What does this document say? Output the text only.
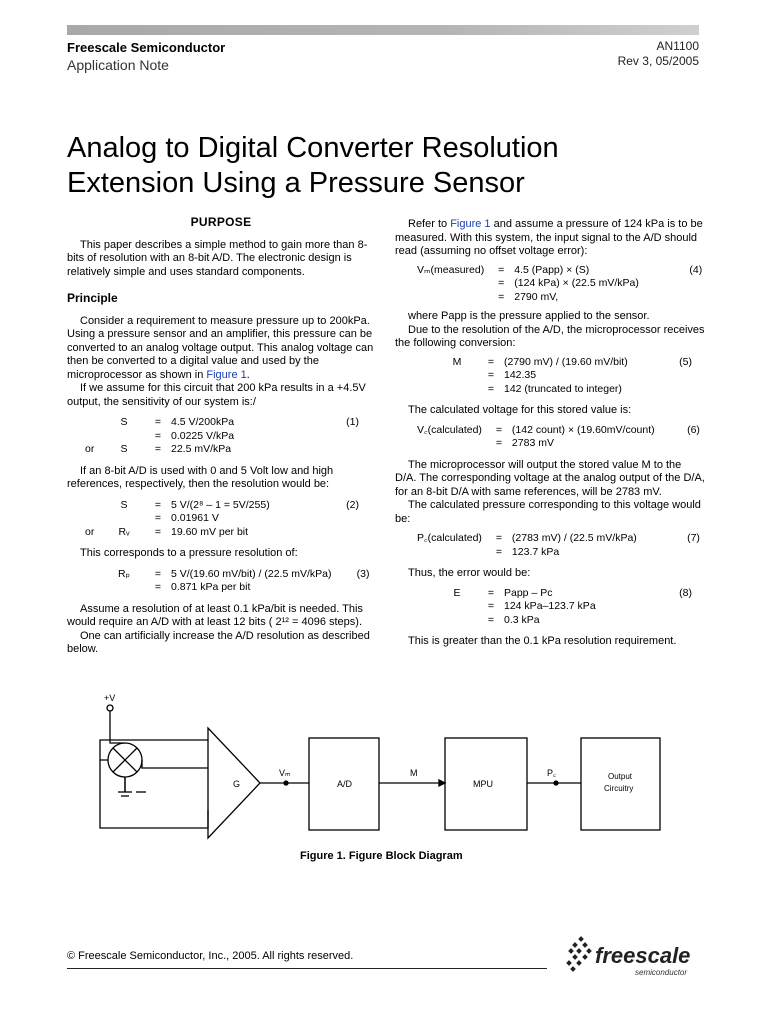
Freescale Semiconductor
Application Note
AN1100
Rev 3, 05/2005
Analog to Digital Converter Resolution
Extension Using a Pressure Sensor

PURPOSE

This paper describes a simple method to gain more than 8-bits of resolution with an 8-bit A/D. The electronic design is relatively simple and uses standard components.

Principle

Consider a requirement to measure pressure up to 200kPa. Using a pressure sensor and an amplifier, this pressure can be converted to an analog voltage output. This analog voltage can then be converted to a digital value and used by the microprocessor as shown in Figure 1.

If we assume for this circuit that 200 kPa results in a +4.5V output, the sensitivity of our system is:/

	S	=	4.5 V/200kPa	(1)
		=	0.0225 V/kPa	
or	S	=	22.5 mV/kPa	

If an 8-bit A/D is used with 0 and 5 Volt low and high references, respectively, then the resolution would be:

	S	=	5 V/(2⁸ – 1 = 5V/255)	(2)
		=	0.01961 V	
or	Rᵥ	=	19.60 mV per bit	

This corresponds to a pressure resolution of:

	Rₚ	=	5 V/(19.60 mV/bit) / (22.5 mV/kPa)	(3)
		=	0.871 kPa per bit	

Assume a resolution of at least 0.1 kPa/bit is needed. This would require an A/D with at least 12 bits ( 2¹² = 4096 steps).

One can artificially increase the A/D resolution as described below.

Refer to Figure 1 and assume a pressure of 124 kPa is to be measured. With this system, the input signal to the A/D should read (assuming no offset voltage error):

Vₘ(measured)	=	4.5 (Papp) × (S)	(4)
	=	(124 kPa) × (22.5 mV/kPa)	
	=	2790 mV,	

where Papp is the pressure applied to the sensor.

Due to the resolution of the A/D, the microprocessor receives the following conversion:

M	=	(2790 mV) / (19.60 mV/bit)	(5)
	=	142.35	
	=	142 (truncated to integer)	

The calculated voltage for this stored value is:

V꜀(calculated)	=	(142 count) × (19.60mV/count)	(6)
	=	2783 mV	

The microprocessor will output the stored value M to the D/A. The corresponding voltage at the analog output of the D/A, for an 8-bit D/A with same references, will be 2783 mV.

The calculated pressure corresponding to this voltage would be:

P꜀(calculated)	=	(2783 mV) / (22.5 mV/kPa)	(7)
	=	123.7 kPa	

Thus, the error would be:

E	=	Papp – Pc	(8)
	=	124 kPa–123.7 kPa	
	=	0.3 kPa	

This is greater than the 0.1 kPa resolution requirement.

+V
G
Vₘ
A/D
M
MPU
P꜀	Output
Circuitry
Figure 1. Figure Block Diagram
© Freescale Semiconductor, Inc., 2005. All rights reserved.	freescale
semiconductor
